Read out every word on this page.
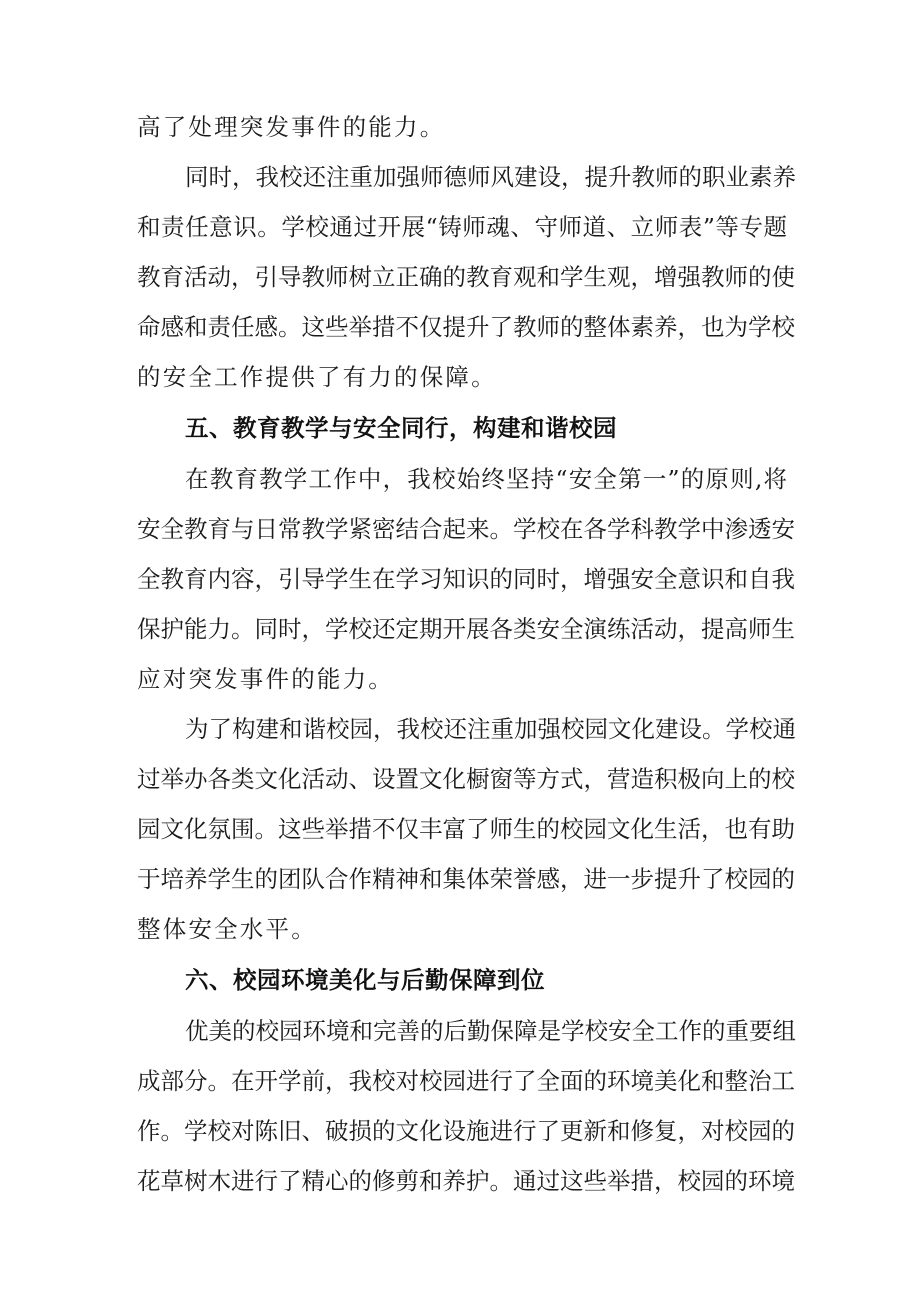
高了处理突发事件的能力。

同时，我校还注重加强师德师风建设，提升教师的职业素养

和责任意识。学校通过开展“铸师魂、守师道、立师表”等专题

教育活动，引导教师树立正确的教育观和学生观，增强教师的使

命感和责任感。这些举措不仅提升了教师的整体素养，也为学校

的安全工作提供了有力的保障。

五、教育教学与安全同行，构建和谐校园

在教育教学工作中，我校始终坚持“安全第一”的原则,将

安全教育与日常教学紧密结合起来。学校在各学科教学中渗透安

全教育内容，引导学生在学习知识的同时，增强安全意识和自我

保护能力。同时，学校还定期开展各类安全演练活动，提高师生

应对突发事件的能力。

为了构建和谐校园，我校还注重加强校园文化建设。学校通

过举办各类文化活动、设置文化橱窗等方式，营造积极向上的校

园文化氛围。这些举措不仅丰富了师生的校园文化生活，也有助

于培养学生的团队合作精神和集体荣誉感，进一步提升了校园的

整体安全水平。

六、校园环境美化与后勤保障到位

优美的校园环境和完善的后勤保障是学校安全工作的重要组

成部分。在开学前，我校对校园进行了全面的环境美化和整治工

作。学校对陈旧、破损的文化设施进行了更新和修复，对校园的

花草树木进行了精心的修剪和养护。通过这些举措，校园的环境
